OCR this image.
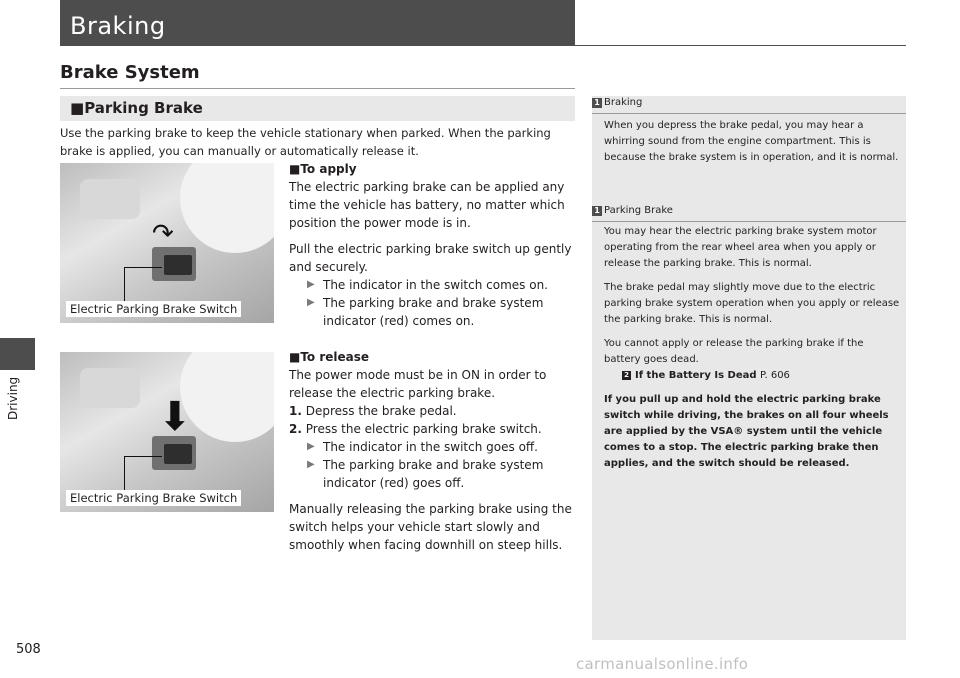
Braking
Driving
Brake System
■Parking Brake
Use the parking brake to keep the vehicle stationary when parked. When the parking brake is applied, you can manually or automatically release it.
↷
Electric Parking Brake Switch
⬇
Electric Parking Brake Switch
■To apply
The electric parking brake can be applied any time the vehicle has battery, no matter which position the power mode is in.
Pull the electric parking brake switch up gently and securely.
▶ The indicator in the switch comes on.
▶ The parking brake and brake system indicator (red) comes on.
■To release
The power mode must be in ON in order to release the electric parking brake.
1. Depress the brake pedal.
2. Press the electric parking brake switch.
▶ The indicator in the switch goes off.
▶ The parking brake and brake system indicator (red) goes off.
Manually releasing the parking brake using the switch helps your vehicle start slowly and smoothly when facing downhill on steep hills.
1 Braking
When you depress the brake pedal, you may hear a whirring sound from the engine compartment. This is because the brake system is in operation, and it is normal.
1 Parking Brake
You may hear the electric parking brake system motor operating from the rear wheel area when you apply or release the parking brake. This is normal.
The brake pedal may slightly move due to the electric parking brake system operation when you apply or release the parking brake. This is normal.
You cannot apply or release the parking brake if the battery goes dead.
2 If the Battery Is Dead P. 606
If you pull up and hold the electric parking brake switch while driving, the brakes on all four wheels are applied by the VSA® system until the vehicle comes to a stop. The electric parking brake then applies, and the switch should be released.
508
carmanualsonline.info
